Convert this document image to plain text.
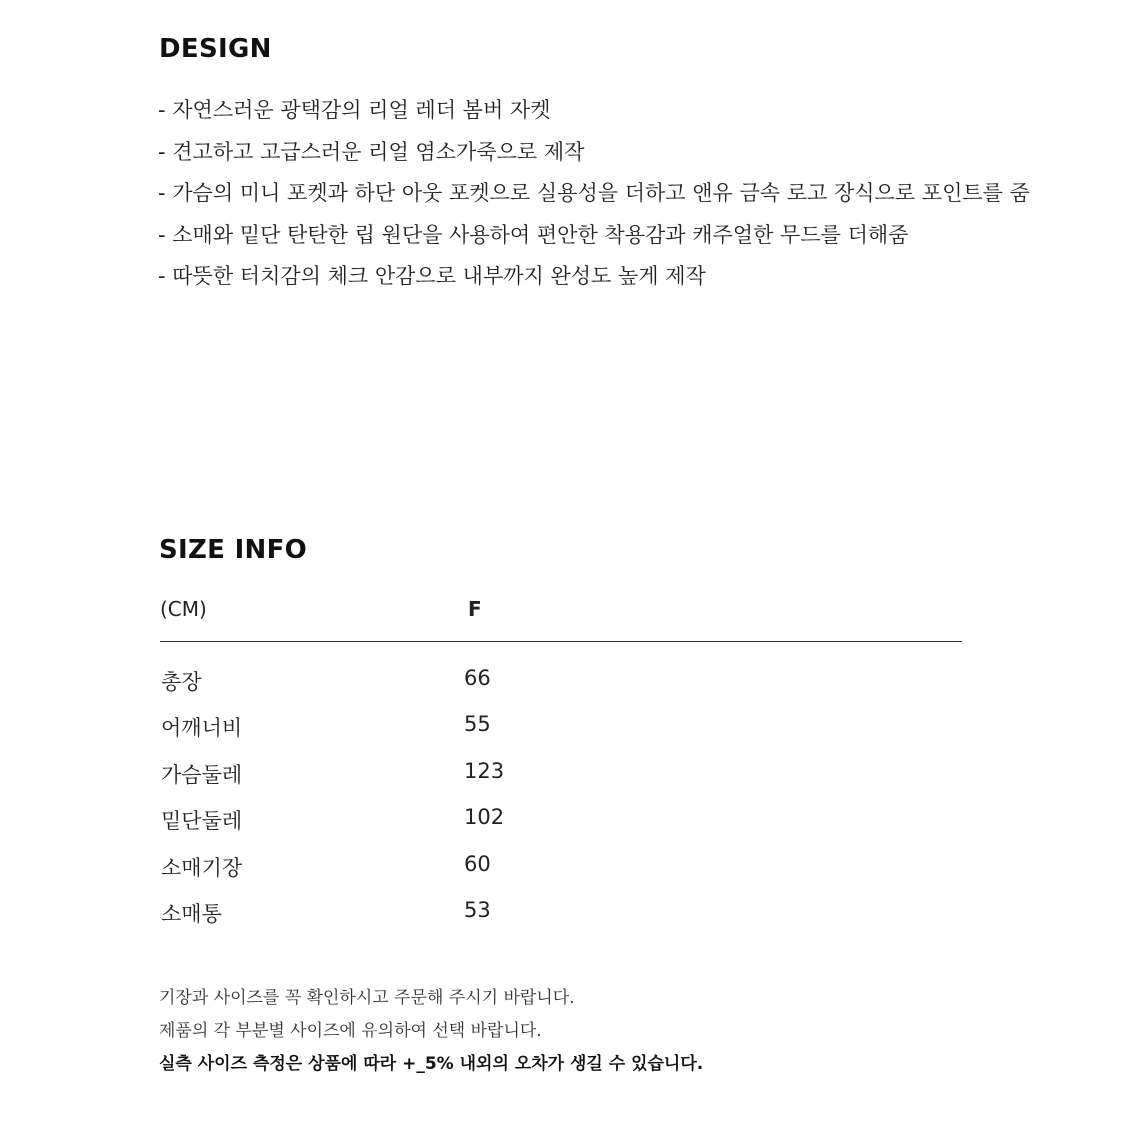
DESIGN
- 자연스러운 광택감의 리얼 레더 봄버 자켓
- 견고하고 고급스러운 리얼 염소가죽으로 제작
- 가슴의 미니 포켓과 하단 아웃 포켓으로 실용성을 더하고 앤유 금속 로고 장식으로 포인트를 줌
- 소매와 밑단 탄탄한 립 원단을 사용하여 편안한 착용감과 캐주얼한 무드를 더해줌
- 따뜻한 터치감의 체크 안감으로 내부까지 완성도 높게 제작
SIZE INFO
(CM)	F
총장	66
어깨너비	55
가슴둘레	123
밑단둘레	102
소매기장	60
소매통	53
기장과 사이즈를 꼭 확인하시고 주문해 주시기 바랍니다.
제품의 각 부분별 사이즈에 유의하여 선택 바랍니다.
실측 사이즈 측정은 상품에 따라 +_5% 내외의 오차가 생길 수 있습니다.
